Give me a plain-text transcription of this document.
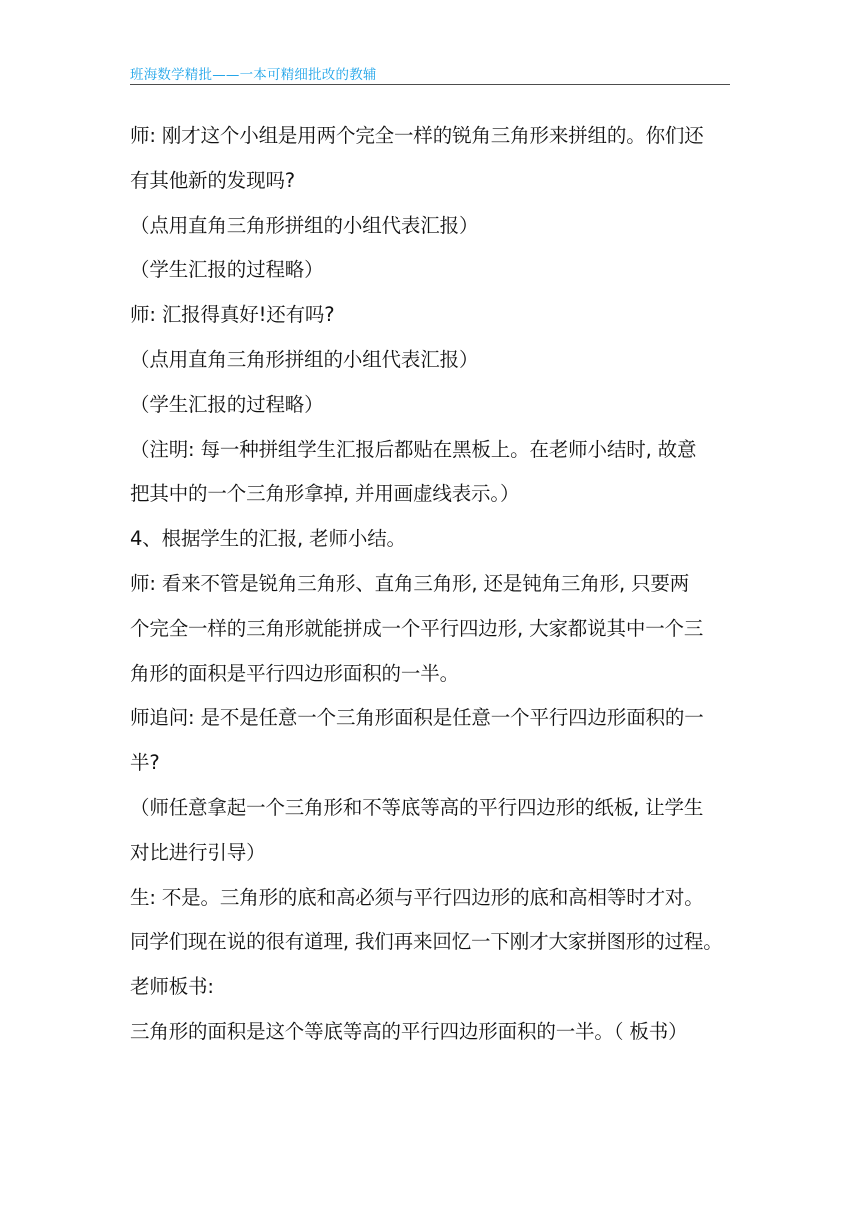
班海数学精批——一本可精细批改的教辅
师: 刚才这个小组是用两个完全一样的锐角三角形来拼组的。你们还
有其他新的发现吗?
（点用直角三角形拼组的小组代表汇报）
（学生汇报的过程略）
师: 汇报得真好!还有吗?
（点用直角三角形拼组的小组代表汇报）
（学生汇报的过程略）
（注明: 每一种拼组学生汇报后都贴在黑板上。在老师小结时, 故意
把其中的一个三角形拿掉, 并用画虚线表示。）
4、根据学生的汇报, 老师小结。
师: 看来不管是锐角三角形、直角三角形, 还是钝角三角形, 只要两
个完全一样的三角形就能拼成一个平行四边形, 大家都说其中一个三
角形的面积是平行四边形面积的一半。
师追问: 是不是任意一个三角形面积是任意一个平行四边形面积的一
半?
（师任意拿起一个三角形和不等底等高的平行四边形的纸板, 让学生
对比进行引导）
生: 不是。三角形的底和高必须与平行四边形的底和高相等时才对。
同学们现在说的很有道理, 我们再来回忆一下刚才大家拼图形的过程。
老师板书:
三角形的面积是这个等底等高的平行四边形面积的一半。（ 板书）
